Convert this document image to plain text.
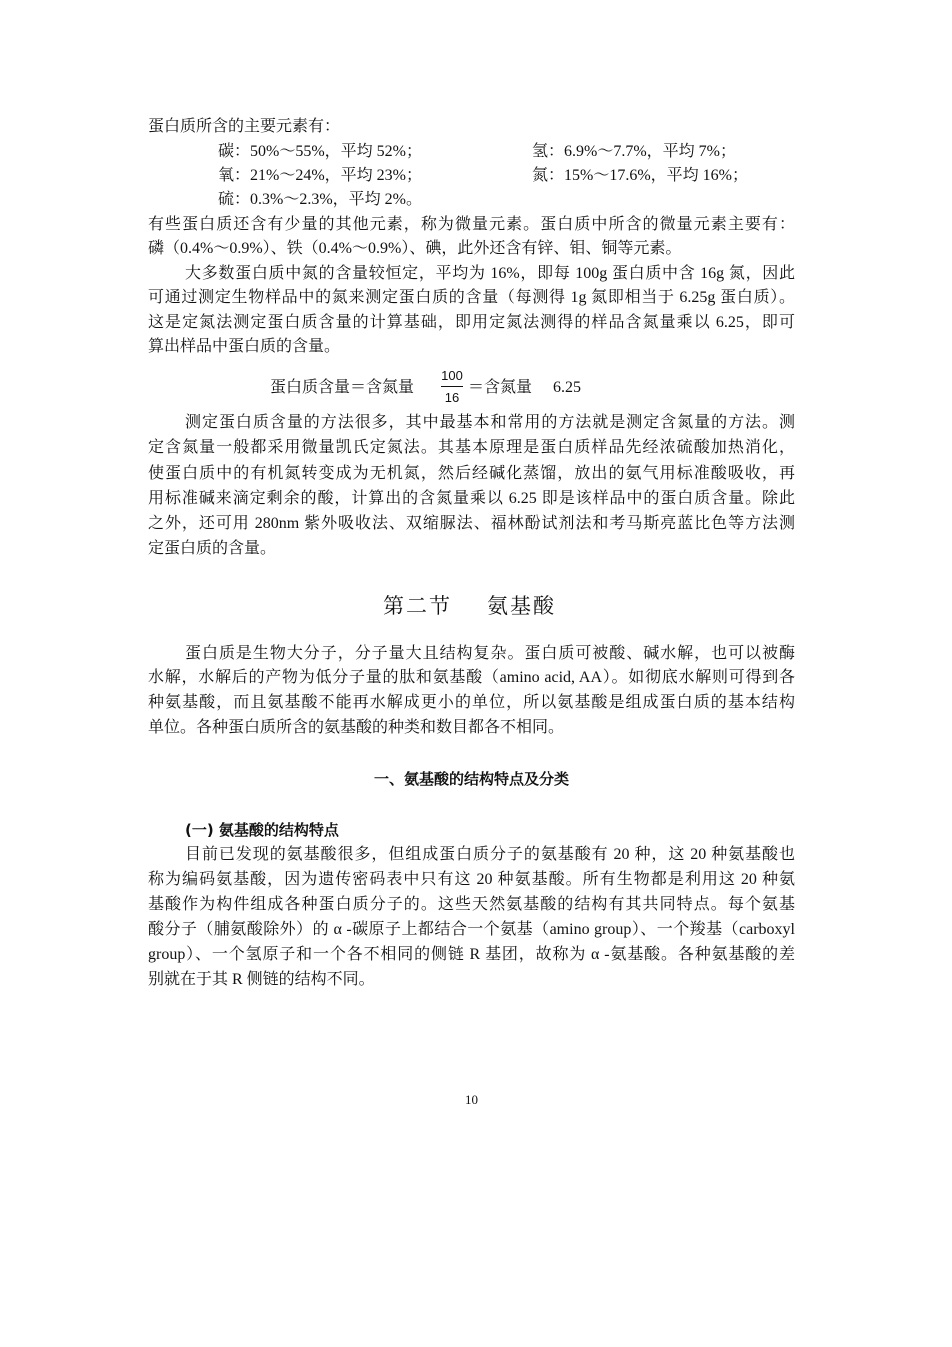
蛋白质所含的主要元素有：
碳：50%～55%，平均 52%；	氢：6.9%～7.7%，平均 7%；
氧：21%～24%，平均 23%；	氮：15%～17.6%，平均 16%；
硫：0.3%～2.3%，平均 2%。
有些蛋白质还含有少量的其他元素，称为微量元素。蛋白质中所含的微量元素主要有：
磷（0.4%～0.9%）、铁（0.4%～0.9%）、碘，此外还含有锌、钼、铜等元素。
大多数蛋白质中氮的含量较恒定，平均为 16%，即每 100g 蛋白质中含 16g 氮，因此
可通过测定生物样品中的氮来测定蛋白质的含量（每测得 1g 氮即相当于 6.25g 蛋白质）。
这是定氮法测定蛋白质含量的计算基础，即用定氮法测得的样品含氮量乘以 6.25，即可
算出样品中蛋白质的含量。
蛋白质含量＝含氮量
100
16
＝含氮量 6.25
测定蛋白质含量的方法很多，其中最基本和常用的方法就是测定含氮量的方法。测
定含氮量一般都采用微量凯氏定氮法。其基本原理是蛋白质样品先经浓硫酸加热消化，
使蛋白质中的有机氮转变成为无机氮，然后经碱化蒸馏，放出的氨气用标准酸吸收，再
用标准碱来滴定剩余的酸，计算出的含氮量乘以 6.25 即是该样品中的蛋白质含量。除此
之外，还可用 280nm 紫外吸收法、双缩脲法、福林酚试剂法和考马斯亮蓝比色等方法测
定蛋白质的含量。
第二节 氨基酸
蛋白质是生物大分子，分子量大且结构复杂。蛋白质可被酸、碱水解，也可以被酶
水解，水解后的产物为低分子量的肽和氨基酸（amino acid, AA）。如彻底水解则可得到各
种氨基酸，而且氨基酸不能再水解成更小的单位，所以氨基酸是组成蛋白质的基本结构
单位。各种蛋白质所含的氨基酸的种类和数目都各不相同。
一、氨基酸的结构特点及分类
(一) 氨基酸的结构特点
目前已发现的氨基酸很多，但组成蛋白质分子的氨基酸有 20 种，这 20 种氨基酸也
称为编码氨基酸，因为遗传密码表中只有这 20 种氨基酸。所有生物都是利用这 20 种氨
基酸作为构件组成各种蛋白质分子的。这些天然氨基酸的结构有其共同特点。每个氨基
酸分子（脯氨酸除外）的 α -碳原子上都结合一个氨基（amino group）、一个羧基（carboxyl
group）、一个氢原子和一个各不相同的侧链 R 基团，故称为 α -氨基酸。各种氨基酸的差
别就在于其 R 侧链的结构不同。
10
